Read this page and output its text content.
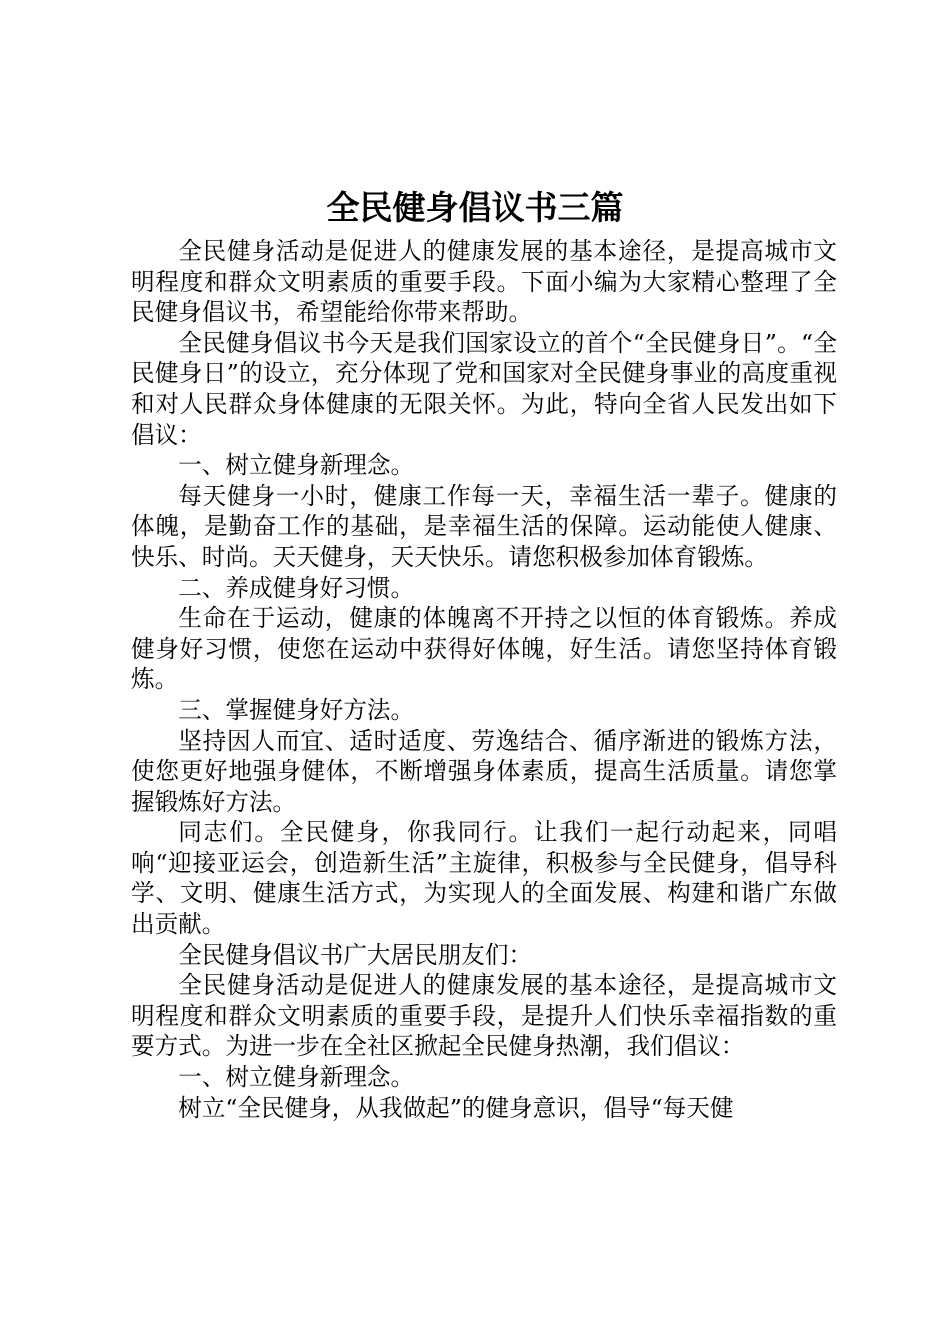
全民健身倡议书三篇

全民健身活动是促进人的健康发展的基本途径，是提高城市文明程度和群众文明素质的重要手段。下面小编为大家精心整理了全民健身倡议书，希望能给你带来帮助。

全民健身倡议书今天是我们国家设立的首个“全民健身日”。“全民健身日”的设立，充分体现了党和国家对全民健身事业的高度重视和对人民群众身体健康的无限关怀。为此，特向全省人民发出如下倡议：

一、树立健身新理念。

每天健身一小时，健康工作每一天，幸福生活一辈子。健康的体魄，是勤奋工作的基础，是幸福生活的保障。运动能使人健康、快乐、时尚。天天健身，天天快乐。请您积极参加体育锻炼。

二、养成健身好习惯。

生命在于运动，健康的体魄离不开持之以恒的体育锻炼。养成健身好习惯，使您在运动中获得好体魄，好生活。请您坚持体育锻炼。

三、掌握健身好方法。

坚持因人而宜、适时适度、劳逸结合、循序渐进的锻炼方法，使您更好地强身健体，不断增强身体素质，提高生活质量。请您掌握锻炼好方法。

同志们。全民健身，你我同行。让我们一起行动起来，同唱响“迎接亚运会，创造新生活”主旋律，积极参与全民健身，倡导科学、文明、健康生活方式，为实现人的全面发展、构建和谐广东做出贡献。

全民健身倡议书广大居民朋友们：

全民健身活动是促进人的健康发展的基本途径，是提高城市文明程度和群众文明素质的重要手段，是提升人们快乐幸福指数的重要方式。为进一步在全社区掀起全民健身热潮，我们倡议：

一、树立健身新理念。

树立“全民健身，从我做起”的健身意识，倡导“每天健
